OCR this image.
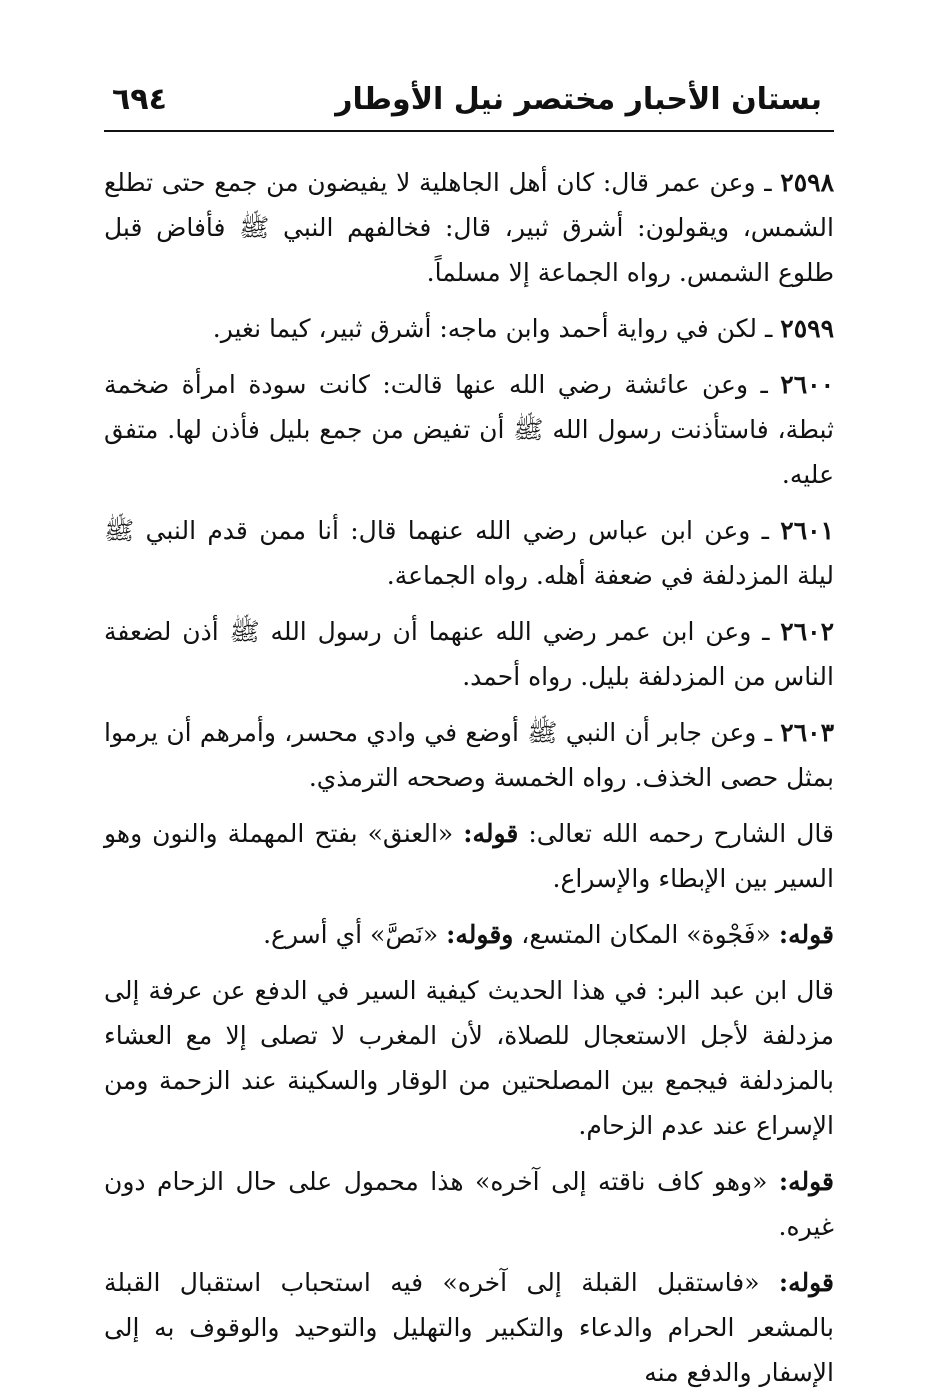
بستان الأحبار مختصر نيل الأوطار
٦٩٤

٢٥٩٨ ـ وعن عمر قال: كان أهل الجاهلية لا يفيضون من جمع حتى تطلع الشمس، ويقولون: أشرق ثبير، قال: فخالفهم النبي ﷺ فأفاض قبل طلوع الشمس. رواه الجماعة إلا مسلماً.

٢٥٩٩ ـ لكن في رواية أحمد وابن ماجه: أشرق ثبير، كيما نغير.

٢٦٠٠ ـ وعن عائشة رضي الله عنها قالت: كانت سودة امرأة ضخمة ثبطة، فاستأذنت رسول الله ﷺ أن تفيض من جمع بليل فأذن لها. متفق عليه.

٢٦٠١ ـ وعن ابن عباس رضي الله عنهما قال: أنا ممن قدم النبي ﷺ ليلة المزدلفة في ضعفة أهله. رواه الجماعة.

٢٦٠٢ ـ وعن ابن عمر رضي الله عنهما أن رسول الله ﷺ أذن لضعفة الناس من المزدلفة بليل. رواه أحمد.

٢٦٠٣ ـ وعن جابر أن النبي ﷺ أوضع في وادي محسر، وأمرهم أن يرموا بمثل حصى الخذف. رواه الخمسة وصححه الترمذي.

قال الشارح رحمه الله تعالى: قوله: «العنق» بفتح المهملة والنون وهو السير بين الإبطاء والإسراع.

قوله: «فَجْوة» المكان المتسع، وقوله: «نَصَّ» أي أسرع.

قال ابن عبد البر: في هذا الحديث كيفية السير في الدفع عن عرفة إلى مزدلفة لأجل الاستعجال للصلاة، لأن المغرب لا تصلى إلا مع العشاء بالمزدلفة فيجمع بين المصلحتين من الوقار والسكينة عند الزحمة ومن الإسراع عند عدم الزحام.

قوله: «وهو كاف ناقته إلى آخره» هذا محمول على حال الزحام دون غيره.

قوله: «فاستقبل القبلة إلى آخره» فيه استحباب استقبال القبلة بالمشعر الحرام والدعاء والتكبير والتهليل والتوحيد والوقوف به إلى الإسفار والدفع منه
